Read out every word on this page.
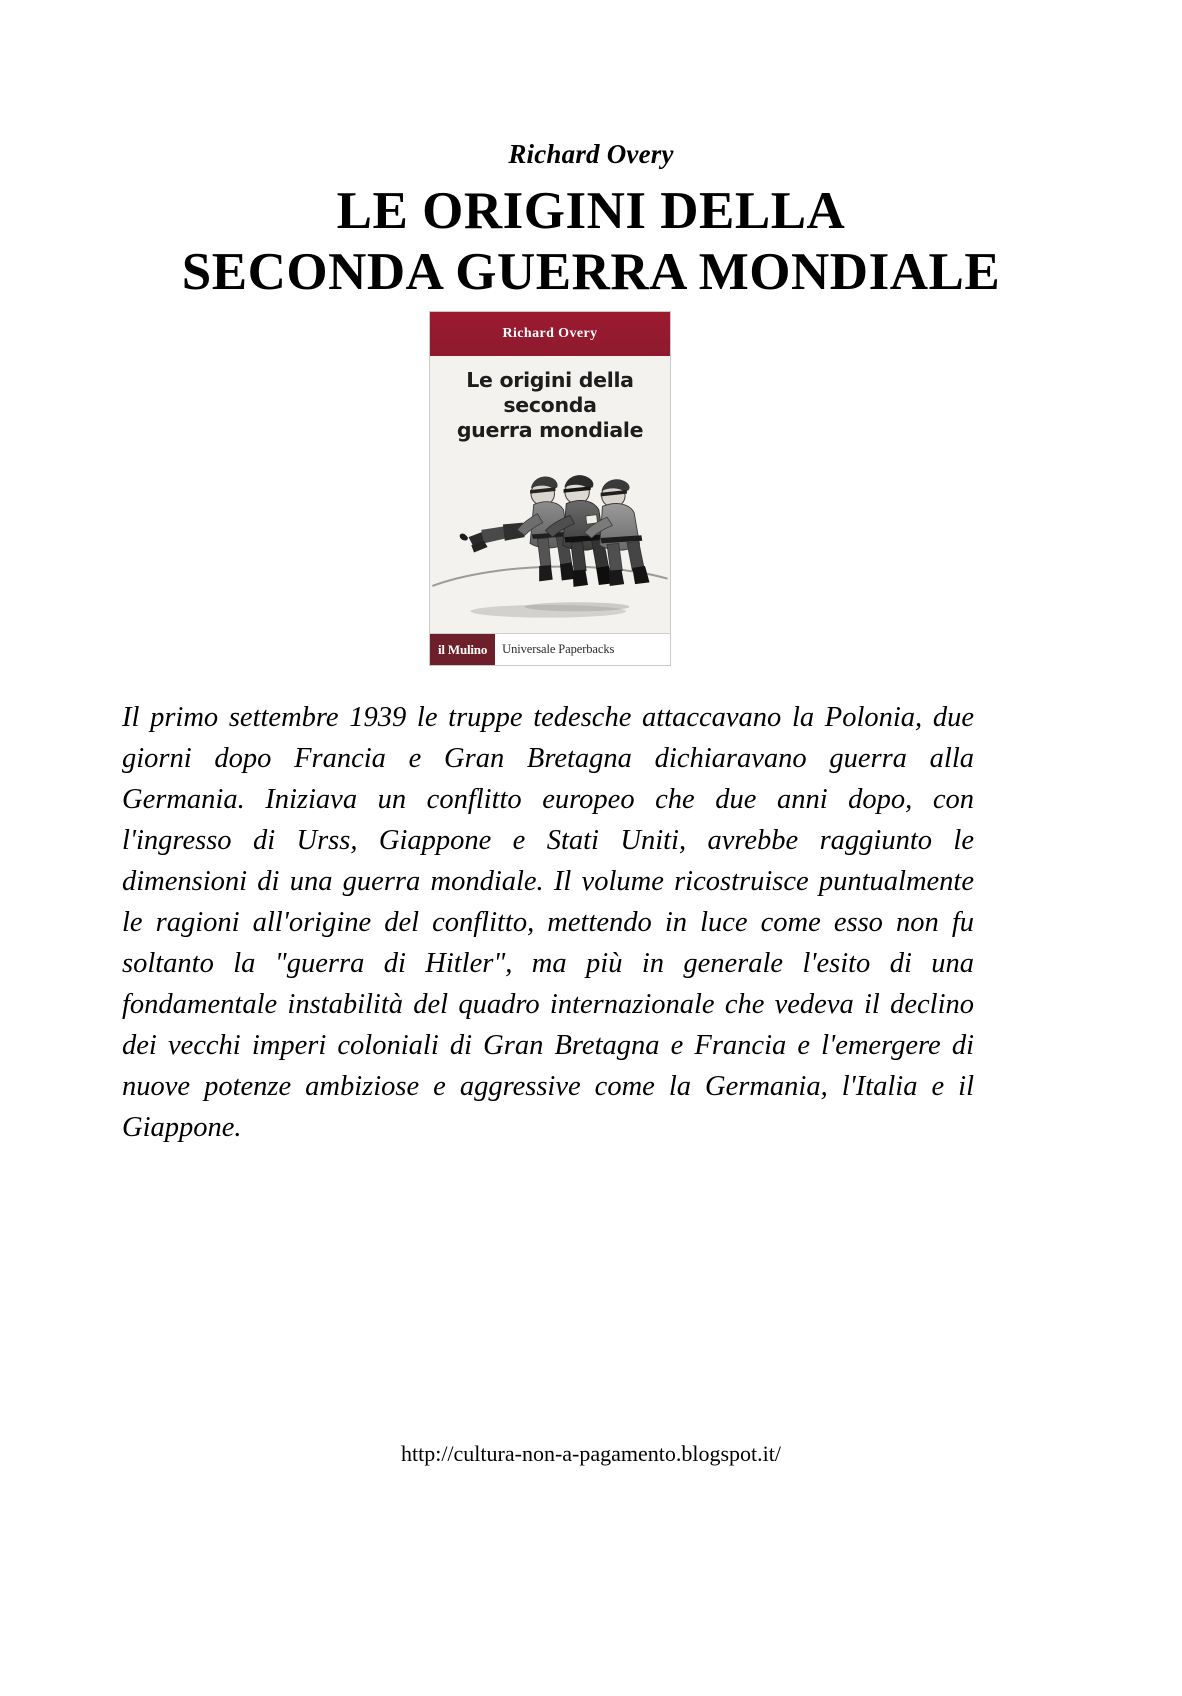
Richard Overy
LE ORIGINI DELLA
SECONDA GUERRA MONDIALE
Richard Overy
Le origini della seconda
guerra mondiale
il Mulino	Universale Paperbacks

Il primo settembre 1939 le truppe tedesche attaccavano la Polonia, due giorni dopo Francia e Gran Bretagna dichiaravano guerra alla Germania. Iniziava un conflitto europeo che due anni dopo, con l'ingresso di Urss, Giappone e Stati Uniti, avrebbe raggiunto le dimensioni di una guerra mondiale. Il volume ricostruisce puntualmente le ragioni all'origine del conflitto, mettendo in luce come esso non fu soltanto la "guerra di Hitler", ma più in generale l'esito di una fondamentale instabilità del quadro internazionale che vedeva il declino dei vecchi imperi coloniali di Gran Bretagna e Francia e l'emergere di nuove potenze ambiziose e aggressive come la Germania, l'Italia e il Giappone.

http://cultura-non-a-pagamento.blogspot.it/
